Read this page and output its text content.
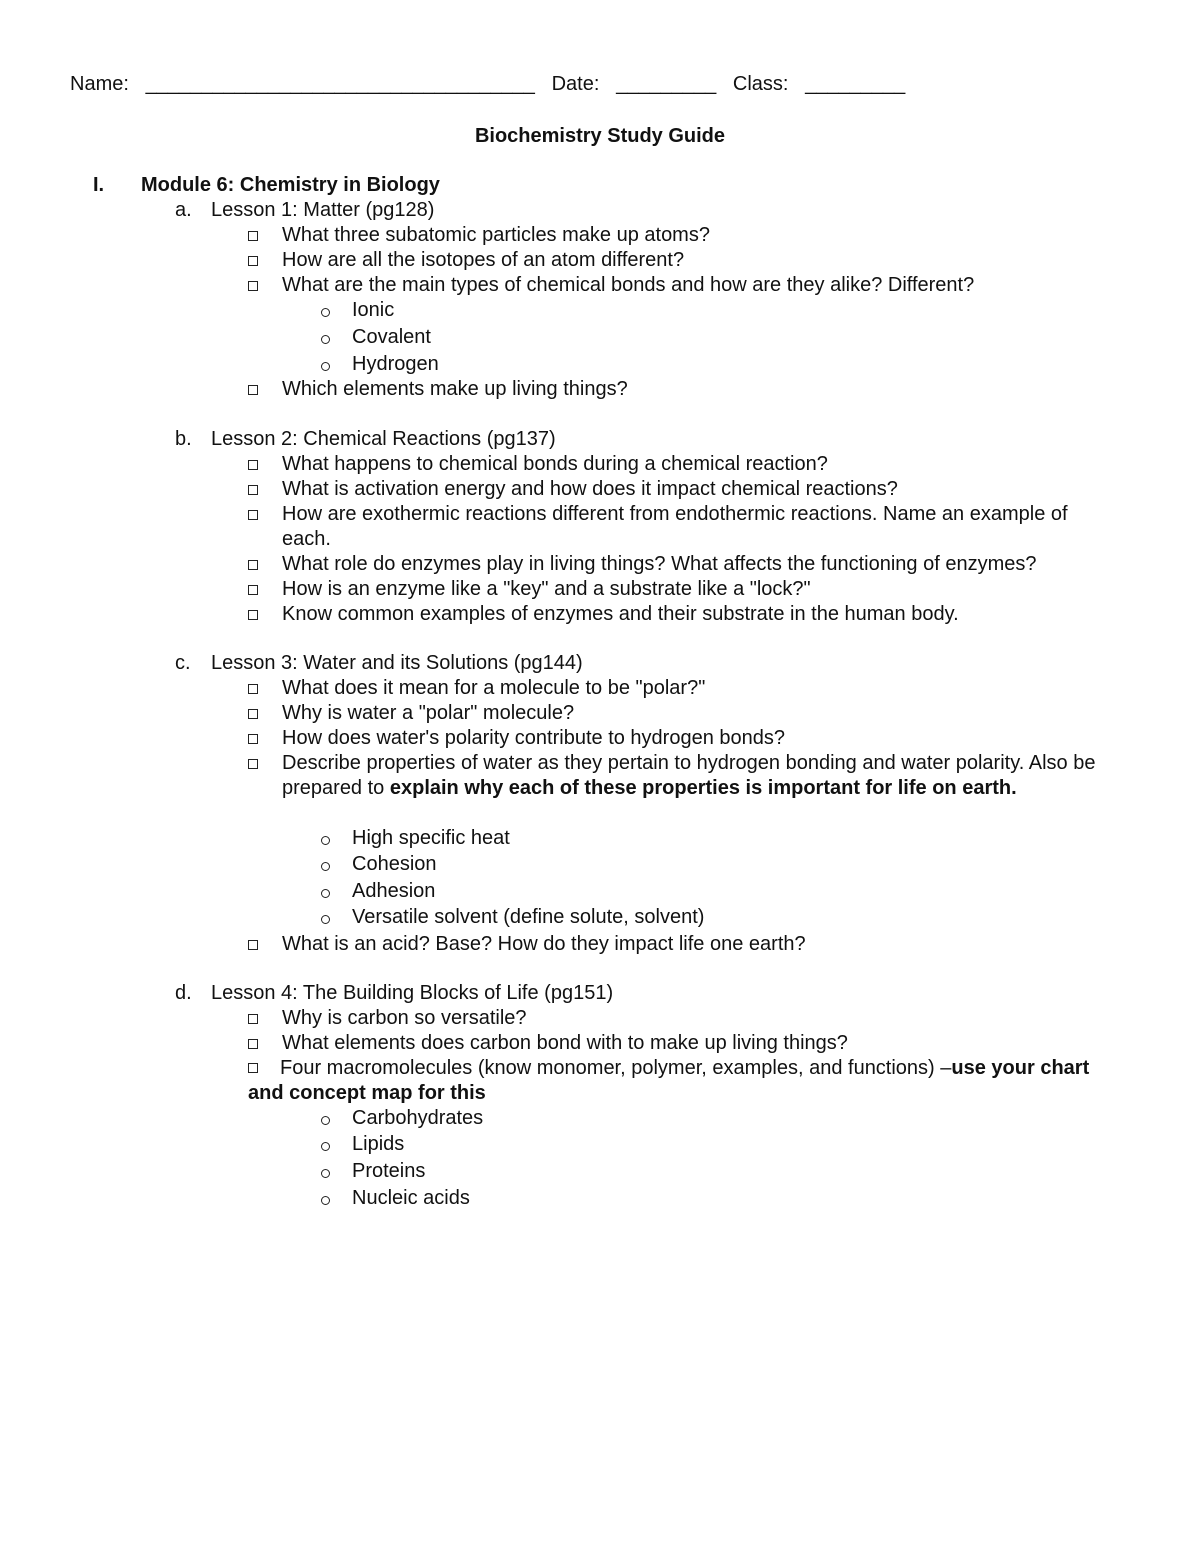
Name: ___________________________________ Date: _________ Class: _________
Biochemistry Study Guide
I. Module 6: Chemistry in Biology
a. Lesson 1: Matter (pg128)
What three subatomic particles make up atoms?
How are all the isotopes of an atom different?
What are the main types of chemical bonds and how are they alike? Different?
Ionic
Covalent
Hydrogen
Which elements make up living things?
b. Lesson 2: Chemical Reactions (pg137)
What happens to chemical bonds during a chemical reaction?
What is activation energy and how does it impact chemical reactions?
How are exothermic reactions different from endothermic reactions. Name an example of each.
What role do enzymes play in living things? What affects the functioning of enzymes?
How is an enzyme like a "key" and a substrate like a "lock?"
Know common examples of enzymes and their substrate in the human body.
c. Lesson 3: Water and its Solutions (pg144)
What does it mean for a molecule to be "polar?"
Why is water a "polar" molecule?
How does water's polarity contribute to hydrogen bonds?
Describe properties of water as they pertain to hydrogen bonding and water polarity. Also be prepared to explain why each of these properties is important for life on earth.
High specific heat
Cohesion
Adhesion
Versatile solvent (define solute, solvent)
What is an acid? Base? How do they impact life one earth?
d. Lesson 4: The Building Blocks of Life (pg151)
Why is carbon so versatile?
What elements does carbon bond with to make up living things?
Four macromolecules (know monomer, polymer, examples, and functions) –use your chart and concept map for this
Carbohydrates
Lipids
Proteins
Nucleic acids
